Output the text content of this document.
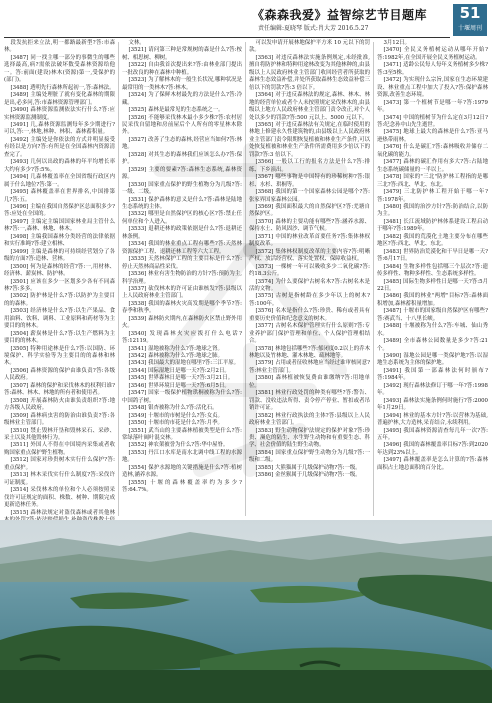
《森森我爱》益智综艺节目题库
责任编辑:夏晓琴 版式:肖大芳 2016.5.27
51
十堰周刊

段发抗拒来立法,明一都路最新型?答:市森林。

[3487] 同一找主哪一部分的事微生的哪些选择最高,病?需依法破坏数受森林资源给他一。答:前面(建设)林木(资源)第一,受保护的(部门)。

[3488] 透明先行森林所起初一,答:森林法。

[3489] 主编处理脏了就有变化森林的期限是出,必多问,答:市森林资源管理部门。

[3490] 森林资源监测依法实行什么?答:应实林资源监测制度。

[3491] 几,森林资源监测每年多少期进行?可以,答:一,林地,林种、林积、森林蓄积量。

[3492] 主编处是你依法的方式并明显接受有经以是方向?答:有所是在全国森林内资源清查完了。

[3493] 几何以出政的森林的年平均增长率大约有多少?答:5%。

[3494] 几森林覆盖率在全国省级行政区内属于什么地位?答:第一。

[3495] 森林覆盖率在世界排名,中国排第几?答:五。

[3496] 主编在我国自然保护区总面积多少?答:应处在全国的。

[3497] 主编定主编国国家林业局主管什么林?答:一,森林、林地、林木。

[3498] 主编我国森林分类经营的法律依据和实行准绳?答:建立相林、

[3499] 主编是森林的可持续经营划分了各级的方面?答:造林、营林。

[3500] 何为是森林的经营?答:一,用材林、经济林、薪炭林、防护林。

[3501] 应该在多少一区划多少各有不同森林?答:多多。

[3502] 防护林是什么?答:以防护为主要目的的森林。

[3503] 经济林是什么?答:以生产果品、食用油料、饮料、调料、工业原料和药材等为主要目的的林木。

[3504] 薪炭林是什么?答:以生产燃料为主要目的的林木。

[3505] 特种用途林是什么?答:以国防、环境保护、科学实验等为主要目的的森林和林木。

[3506] 森林资源的保护由谁负责?答:各级人民政府。

[3507] 森林的保护和采伐林木的权利归谁?答:森林、林木、林地的所有者和使用者。

[3508] 开展森林防火由谁负责组织?答:地方各级人民政府。

[3509] 森林病虫害的防治由谁负责?答:各级林业主管部门。

[3510] 禁止毁林开垦和毁林采石、采砂、采土以及其他毁林行为。

[3511] 外国人不得在中国境内采集或者收购国家重点保护野生植物。

[3512] 国家对珍贵树木实行什么保护?答:重点保护。

[3513] 林木采伐实行什么制度?答:采伐许可证制度。

[3514] 采伐林木的单位和个人必须按照采伐许可证规定的面积、株数、树种、期限完成更新造林任务。

[3515] 森林法规定对盗伐森林或者其他林

文林。

[3521] 请问第三种是常规树的森是什么?答:桉树、相思树、柳树。

[3522] 自由我首次提出来?答:由林业部门提出一批改良的种在森林中种植。

[3523] 为了解林木的一般生长状况,哪种状况是最常用的一类林木?答:林木。

[3524] 为了保鲜木材最先的方法是什么?答:冷藏。

[3525] 森林是最常见的生态系统之一。

[3526] 不能够采伐林木最小多少株?答:农村居民采伐自留地和房前屋后个人所有的零星林木除外。

[3527] 改善了生态的森林,经营应当如何?答:林地。

[3528] 对其生态的森林我们应该怎么办?答:保护。

[3529] 主要的要素?答:森林生态系统,森林资源。

[3530] 国家重点保护的野生植物分为几级?答:一级、二级。

[3531] 保护森林的意义是什么?答:森林是陆地生态系统的主体。

[3532] 哪里是自然保护区的核心区?答:禁止任何单位和个人进入。

[3533] 退耕还林的政策依据是什么?答:退耕还林条例。

[3534] 我国的林业重点工程有哪些?答:天然林资源保护工程、退耕还林工程等六大工程。

[3535] 天然林保护工程的主要目标是什么?答:停止天然林商品性采伐。

[3536] 林业有害生物防治的方针?答:预防为主,科学治理。

[3537] 砍伐林木的许可证由谁核发?答:县级以上人民政府林业主管部门。

[3538] 我国的森林火灾高发期是哪个季节?答:春季和秋季。

[3539] 森林防火期内,在森林防火区禁止野外用火。

[3540] 发现森林火灾应拨打什么电话?答:12119。

[3541] 湿地被称为什么?答:地球之肾。

[3542] 森林被称为什么?答:地球之肺。

[3543] 我国最大的湿地在哪里?答:三江平原。

[3544] 国际湿地日是哪一天?答:2月2日。

[3545] 世界森林日是哪一天?答:3月21日。

[3546] 世界环境日是哪一天?答:6月5日。

[3547] 国家一级保护植物珙桐被称为什么?答:中国鸽子树。

[3548] 银杏被称为什么?答:活化石。

[3549] 十堰市的市树是什么?答:女贞。

[3550] 十堰市的市花是什么?答:月季。

[3551] 武当山的主要森林植被类型是什么?答:常绿落叶阔叶混交林。

[3552] 神农架被誉为什么?答:华中屋脊。

[3553] 丹江口水库是南水北调中线工程的水源地。

[3554] 保护水源地的关键措施是什么?答:植树造林,涵养水源。

[3555] 十堰的森林覆盖率约为多少?答:64.7%。

可以发申请开展林地保护平方米 10 元以下的罚款。

[3563] 对违反森林法实施条例规定,未经批准,擅自将防护林和特种用途林改变为其他林种的,由县级以上人民政府林业主管部门收回经营者所获取的森林生态效益补偿,并处所获取森林生态效益补偿三倍以下的罚款?答:3 倍以下。

[3564] 对于违反森林法的规定,森林、林木、林地的经营单位或者个人未按照规定采伐林木的,由县级以上地方人民政府林业主管部门责令改正,对个人处以多少的罚款?答:500 元以上、5000 元以下。

[3565] 对于违反森林法有关规定,在临时使用的林地上修建永久性建筑物的,由县级以上人民政府林业主管部门责令限期恢复植被和林业生产条件,可以处恢复植被和林业生产条件所需费用多少倍以下的罚款?答:3 倍以下。

[3566] 一般以工行的报名方法是什么?答:排练、下乡演出。

[3567] 哪些事物是中国特有的珍稀树种?答:银杉、水杉、珙桐等。

[3568] 我国的第一个国家森林公园是哪个?答:张家界国家森林公园。

[3569] 我国面积最大的自然保护区?答:羌塘自然保护区。

[3570] 森林的主要功能有哪些?答:涵养水源、保持水土、防风固沙、调节气候。

[3571] 中国的林业改革首要任务?答:集体林权制度改革。

[3572] 集体林权制度改革的主要内容?答:明晰产权、放活经营权、落实处置权、保障收益权。

[3573] 一棵树一年可以吸收多少二氧化碳?答:约18.3公斤。

[3574] 为什么要保护古树名木?答:古树名木是活的文物。

[3575] 古树是指树龄在多少年以上的树木?答:100年。

[3576] 名木是指什么?答:珍贵、稀有或者具有重要历史价值和纪念意义的树木。

[3577] 古树名木保护管理实行什么原则?答:专业养护部门保护管理和单位、个人保护管理相结合。

[3578] 林地包括哪些?答:郁闭度0.2以上的乔木林地以及竹林地、灌木林地、疏林地等。

[3579] 占用或者征收林地应当经过谁审核同意?答:林业主管部门。

[3580] 森林植被恢复费由谁缴纳?答:用地单位。

[3581] 林业行政处罚的种类有哪些?答:警告、罚款、没收违法所得、责令停产停业、暂扣或者吊销许可证。

[3582] 林业行政执法的主体?答:县级以上人民政府林业主管部门。

[3583] 野生动物保护法规定的保护对象?答:珍贵、濒危的陆生、水生野生动物和有重要生态、科学、社会价值的陆生野生动物。

[3584] 国家重点保护野生动物分为几级?答:一级和二级。

[3585] 大熊猫属于几级保护动物?答:一级。

[3586] 金丝猴属于几级保护动物?答:一级。

3月12日。

[3470] 全民义务植树运动从哪年开始?答:1982年,在全国开展全民义务植树运动。

[3471] 适龄公民每人每年义务植树多少株?答:3至5株。

[3472] 为实现什么宗旨,国家在生态环境建设、林业重点工程中加大了投入?答:保护森林资源,改善生态环境。

[3473] 第一个植树节是哪一年?答:1979年。

[3474] 中国的植树节为什么定在3月12日?答:纪念孙中山先生逝世。

[3475] 地球上最大的森林是什么?答:亚马逊热带雨林。

[3476] 什么是碳汇?答:森林吸收并储存二氧化碳的能力。

[3477] 森林的碳汇作用有多大?答:占陆地生态系统碳储量的一半以上。

[3478] 国家的"三北"防护林工程指的是哪三北?答:西北、华北、东北。

[3479] 三北防护林工程开始于哪一年?答:1978年。

[3480] 我国的治沙方针?答:防治结合,以防为主。

[3481] 长江流域防护林体系建设工程启动于哪年?答:1989年。

[3482] 我国的荒漠化土地主要分布在哪些地区?答:西北、华北、东北。

[3483] 世界防治荒漠化和干旱日是哪一天?答:6月17日。

[3484] 生物多样性包括哪三个层次?答:遗传多样性、物种多样性、生态系统多样性。

[3485] 国际生物多样性日是哪一天?答:5月22日。

[3486] 我国的林业"两增"目标?答:森林面积增加,森林蓄积量增加。

[3487] 十堰市的国家级自然保护区有哪些?答:赛武当、十八里长峡。

[3488] 十堰被称为什么?答:车城、仙山秀水。

[3489] 全市森林公园数量是多少?答:21个。

[3490] 湿地公园是哪一类保护地?答:以湿地生态系统为主体的保护地。

[3491] 我国第一部森林法何时颁布?答:1984年。

[3492] 现行森林法修订于哪一年?答:1998年。

[3493] 森林法实施条例何时施行?答:2000年1月29日。

[3494] 林业的基本方针?答:以营林为基础,普遍护林,大力造林,采育结合,永续利用。

[3495] 我国森林资源清查每几年一次?答:五年。

[3496] 我国的森林覆盖率目标?答:到2020年达到23%以上。

[3497] 森林覆盖率是怎么计算的?答:森林面积占土地总面积的百分比。
